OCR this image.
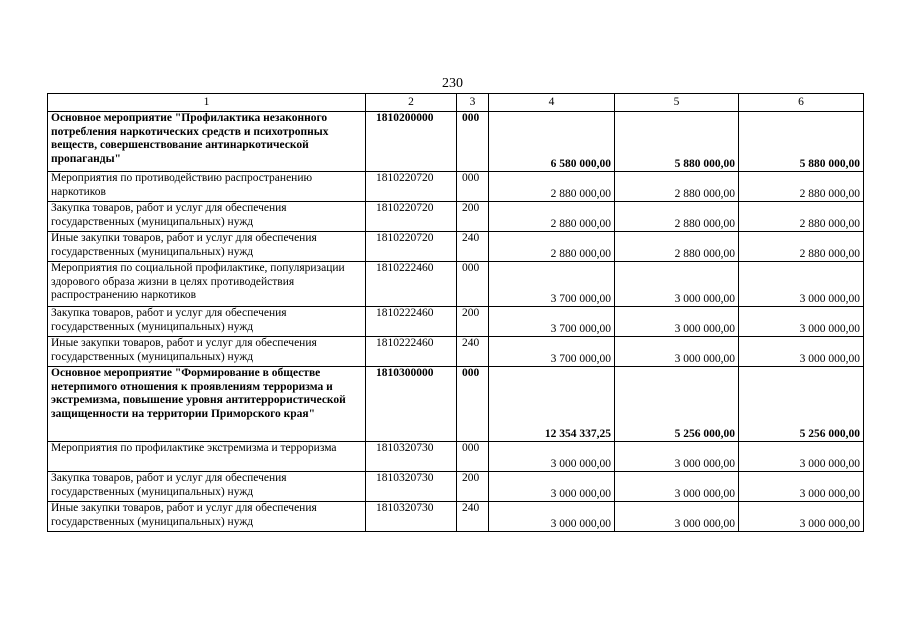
230
1	2	3	4	5	6
Основное мероприятие "Профилактика незаконного потребления наркотических средств и психотропных веществ, совершенствование антинаркотической пропаганды"	1810200000	000	6 580 000,00	5 880 000,00	5 880 000,00
Мероприятия по противодействию распространению наркотиков	1810220720	000	2 880 000,00	2 880 000,00	2 880 000,00
Закупка товаров, работ и услуг для обеспечения государственных (муниципальных) нужд	1810220720	200	2 880 000,00	2 880 000,00	2 880 000,00
Иные закупки товаров, работ и услуг для обеспечения государственных (муниципальных) нужд	1810220720	240	2 880 000,00	2 880 000,00	2 880 000,00
Мероприятия по социальной профилактике, популяризации здорового образа жизни в целях противодействия распространению наркотиков	1810222460	000	3 700 000,00	3 000 000,00	3 000 000,00
Закупка товаров, работ и услуг для обеспечения государственных (муниципальных) нужд	1810222460	200	3 700 000,00	3 000 000,00	3 000 000,00
Иные закупки товаров, работ и услуг для обеспечения государственных (муниципальных) нужд	1810222460	240	3 700 000,00	3 000 000,00	3 000 000,00
Основное мероприятие "Формирование в обществе нетерпимого отношения к проявлениям терроризма и экстремизма, повышение уровня антитеррористической защищенности на территории Приморского края"	1810300000	000	12 354 337,25	5 256 000,00	5 256 000,00
Мероприятия по профилактике экстремизма и терроризма	1810320730	000	3 000 000,00	3 000 000,00	3 000 000,00
Закупка товаров, работ и услуг для обеспечения государственных (муниципальных) нужд	1810320730	200	3 000 000,00	3 000 000,00	3 000 000,00
Иные закупки товаров, работ и услуг для обеспечения государственных (муниципальных) нужд	1810320730	240	3 000 000,00	3 000 000,00	3 000 000,00
